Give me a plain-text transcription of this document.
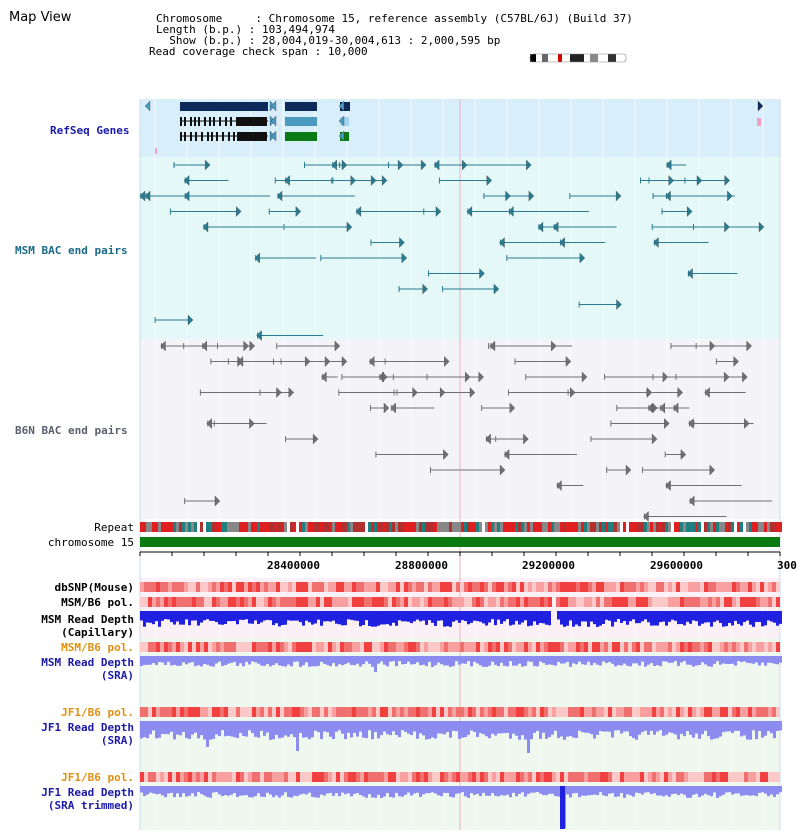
Map View	Chromosome     : Chromosome 15, reference assembly (C57BL/6J) (Build 37)
Length (b.p.) : 103,494,974
Show (b.p.) : 28,004,019-30,004,613 : 2,000,595 bp
Read coverage check span : 10,000
RefSeq Genes
MSM BAC end pairs
B6N BAC end pairs
Repeat
chromosome 15
dbSNP(Mouse)
MSM/B6 pol.
MSM Read Depth
(Capillary)
MSM/B6 pol.
MSM Read Depth
(SRA)
JF1/B6 pol.
JF1 Read Depth
(SRA)
JF1/B6 pol.
JF1 Read Depth
(SRA trimmed)
28400000	28800000	29200000	29600000	300
